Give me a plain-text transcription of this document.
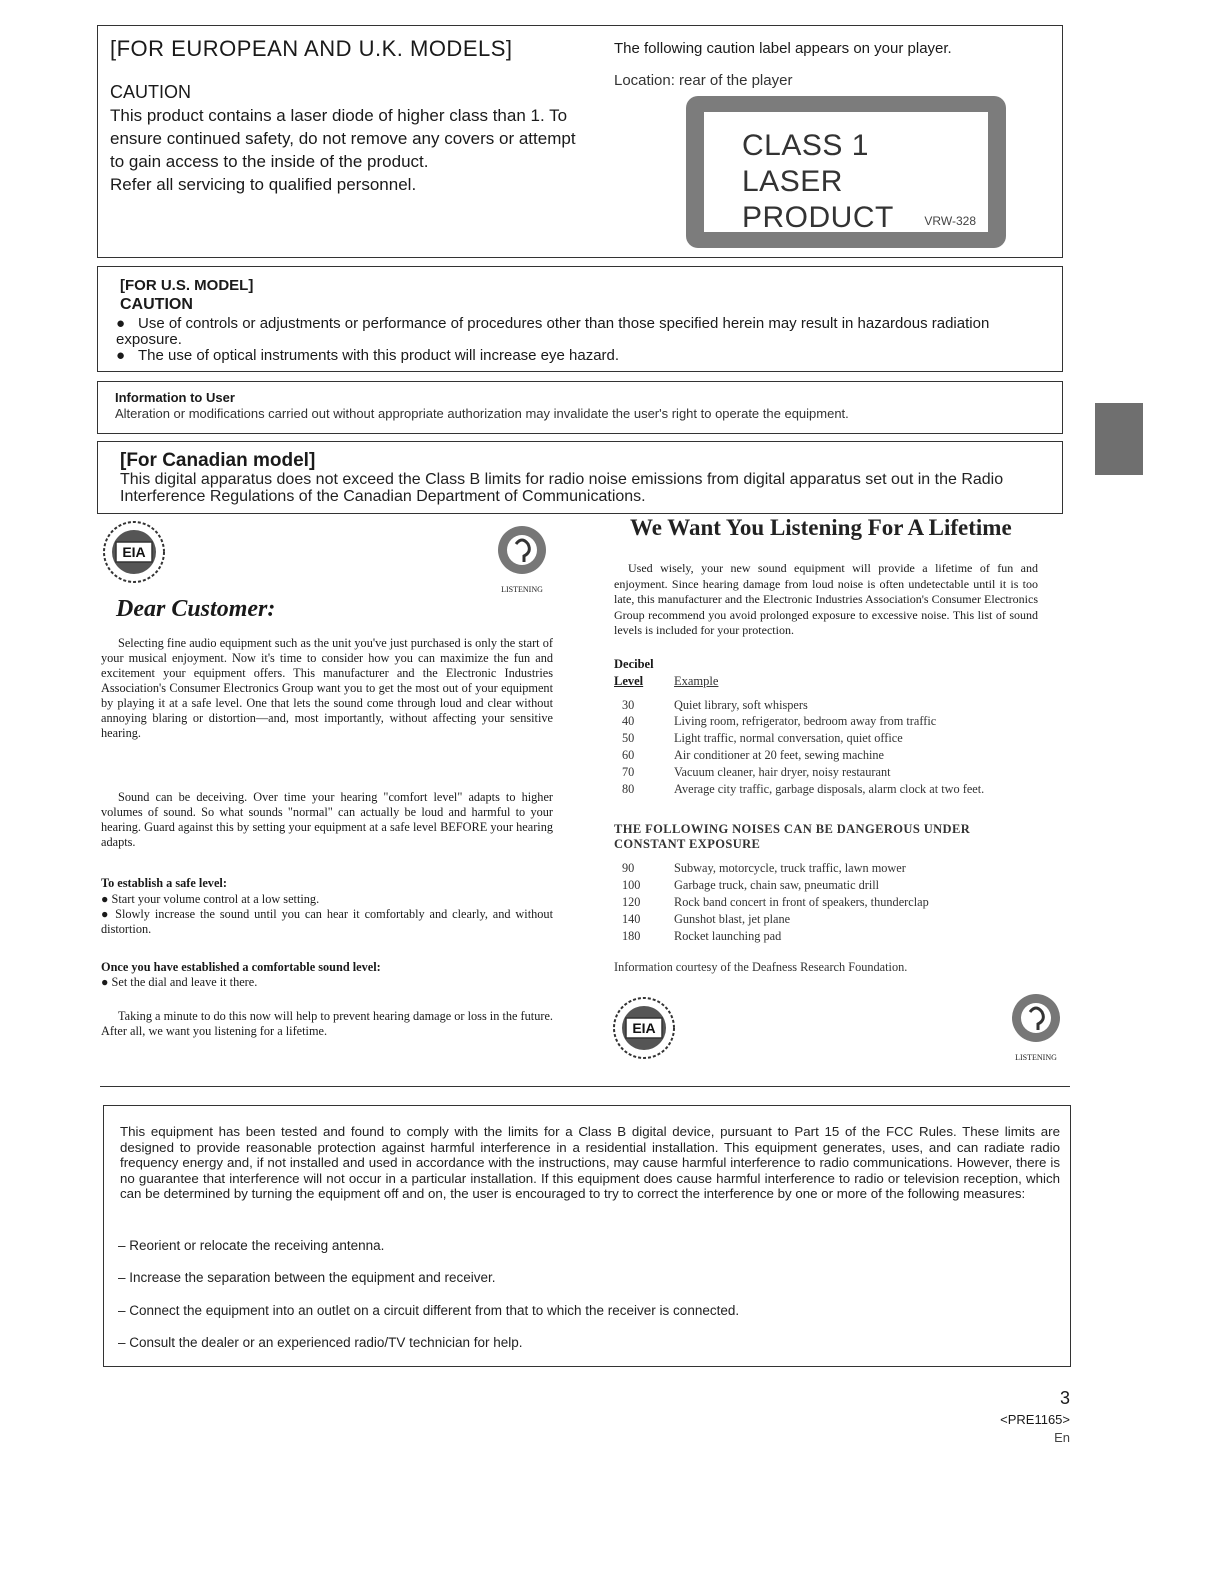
[FOR EUROPEAN AND U.K. MODELS]
CAUTION
This product contains a laser diode of higher class than 1. To ensure continued safety, do not remove any covers or attempt to gain access to the inside of the product.
Refer all servicing to qualified personnel.
The following caution label appears on your player.
Location: rear of the player
CLASS 1
LASER PRODUCT	VRW-328
[FOR U.S. MODEL]
CAUTION
● Use of controls or adjustments or performance of procedures other than those specified herein may result in hazardous radiation exposure.
● The use of optical instruments with this product will increase eye hazard.
Information to User
Alteration or modifications carried out without appropriate authorization may invalidate the user's right to operate the equipment.
[For Canadian model]
This digital apparatus does not exceed the Class B limits for radio noise emissions from digital apparatus set out in the Radio Interference Regulations of the Canadian Department of Communications.
EIA
LISTENING
Dear Customer:
Selecting fine audio equipment such as the unit you've just purchased is only the start of your musical enjoyment. Now it's time to consider how you can maximize the fun and excitement your equipment offers. This manufacturer and the Electronic Industries Association's Consumer Electronics Group want you to get the most out of your equipment by playing it at a safe level. One that lets the sound come through loud and clear without annoying blaring or distortion—and, most importantly, without affecting your sensitive hearing.
Sound can be deceiving. Over time your hearing "comfort level" adapts to higher volumes of sound. So what sounds "normal" can actually be loud and harmful to your hearing. Guard against this by setting your equipment at a safe level BEFORE your hearing adapts.
To establish a safe level:
● Start your volume control at a low setting.
● Slowly increase the sound until you can hear it comfortably and clearly, and without distortion.
Once you have established a comfortable sound level:
● Set the dial and leave it there.
Taking a minute to do this now will help to prevent hearing damage or loss in the future. After all, we want you listening for a lifetime.
We Want You Listening For A Lifetime
Used wisely, your new sound equipment will provide a lifetime of fun and enjoyment. Since hearing damage from loud noise is often undetectable until it is too late, this manufacturer and the Electronic Industries Association's Consumer Electronics Group recommend you avoid prolonged exposure to excessive noise. This list of sound levels is included for your protection.
Decibel
Level Example
30	Quiet library, soft whispers
40	Living room, refrigerator, bedroom away from traffic
50	Light traffic, normal conversation, quiet office
60	Air conditioner at 20 feet, sewing machine
70	Vacuum cleaner, hair dryer, noisy restaurant
80	Average city traffic, garbage disposals, alarm clock at two feet.
THE FOLLOWING NOISES CAN BE DANGEROUS UNDER CONSTANT EXPOSURE
90	Subway, motorcycle, truck traffic, lawn mower
100	Garbage truck, chain saw, pneumatic drill
120	Rock band concert in front of speakers, thunderclap
140	Gunshot blast, jet plane
180	Rocket launching pad
Information courtesy of the Deafness Research Foundation.
EIA
LISTENING
This equipment has been tested and found to comply with the limits for a Class B digital device, pursuant to Part 15 of the FCC Rules. These limits are designed to provide reasonable protection against harmful interference in a residential installation. This equipment generates, uses, and can radiate radio frequency energy and, if not installed and used in accordance with the instructions, may cause harmful interference to radio communications. However, there is no guarantee that interference will not occur in a particular installation. If this equipment does cause harmful interference to radio or television reception, which can be determined by turning the equipment off and on, the user is encouraged to try to correct the interference by one or more of the following measures:
– Reorient or relocate the receiving antenna.
– Increase the separation between the equipment and receiver.
– Connect the equipment into an outlet on a circuit different from that to which the receiver is connected.
– Consult the dealer or an experienced radio/TV technician for help.
3
<PRE1165>
En
